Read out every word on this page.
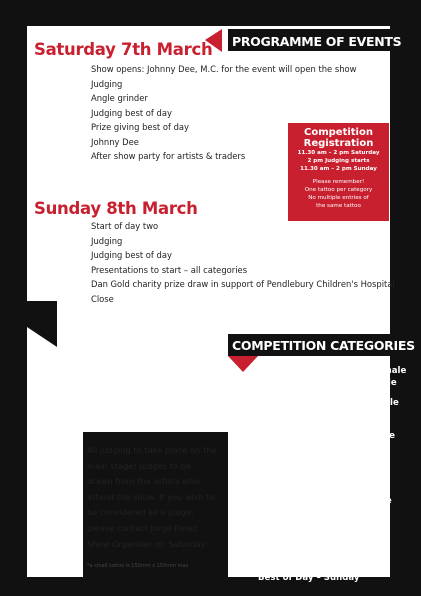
PROGRAMME OF EVENTS
Saturday 7th March
Show opens: Johnny Dee, M.C. for the event will open the show
Judging
Angle grinder
Judging best of day
Prize giving best of day
Johnny Dee
After show party for artists & traders
Competition Registration
11.30 am – 2 pm Saturday
2 pm Judging starts
11.30 am – 2 pm Sunday
Please remember!
One tattoo per category
No multiple entries of
the same tattoo
Sunday 8th March
Start of day two
Judging
Judging best of day
Presentations to start – all categories
Dan Gold charity prize draw in support of Pendlebury Children's Hospital
Close
COMPETITION CATEGORIES
Black and grey tattoo – female
Black and grey tattoo – male
Small colour tattoo* – female
Small colour tattoo* – male
Large colour tattoo – female
Large colour tattoo – male
Best Portrait
Best Old School
Celtic/Tribal tattoo – female
Celtic/Tribal tattoo – male
Sleeve tattoo – female
Sleeve tattoo – male
Best of Day – Saturday
Best of Day – Sunday
All judging to take place on the main stage! Judges to be drawn from the artists who attend the show. If you wish to be considered as a judge, please contact Jorge Perez, Show Organiser on Saturday.
*a small tattoo is 150mm x 150mm max
